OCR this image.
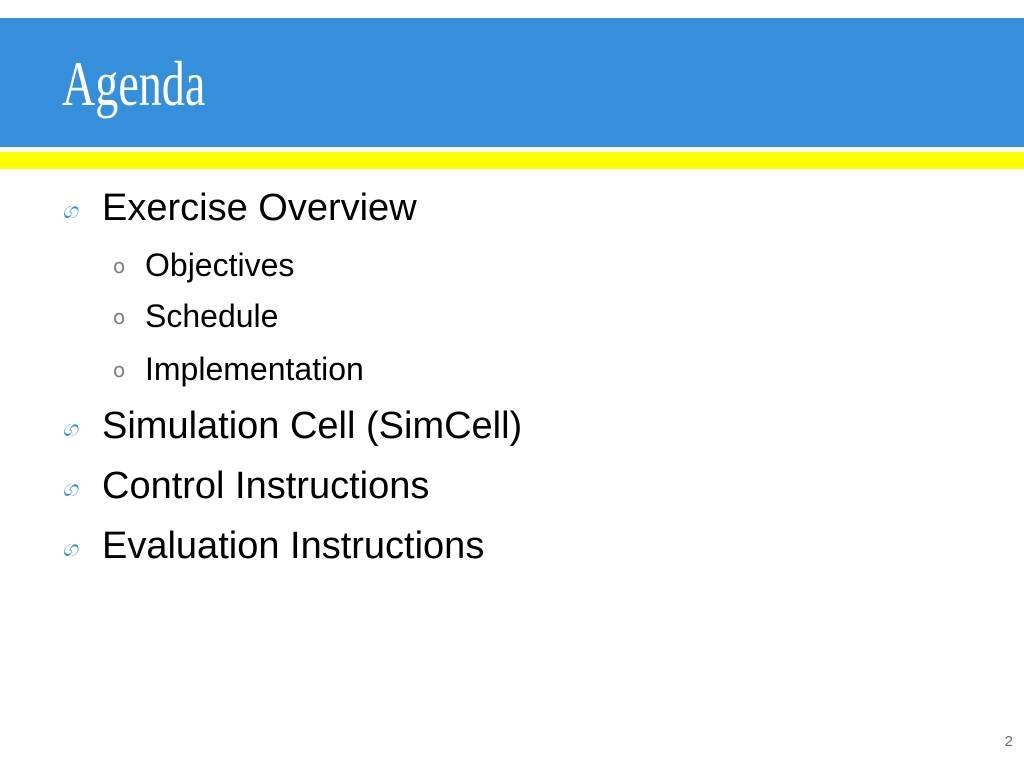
Agenda
ග Exercise Overview
o Objectives
o Schedule
o Implementation
ග Simulation Cell (SimCell)
ග Control Instructions
ග Evaluation Instructions
2
